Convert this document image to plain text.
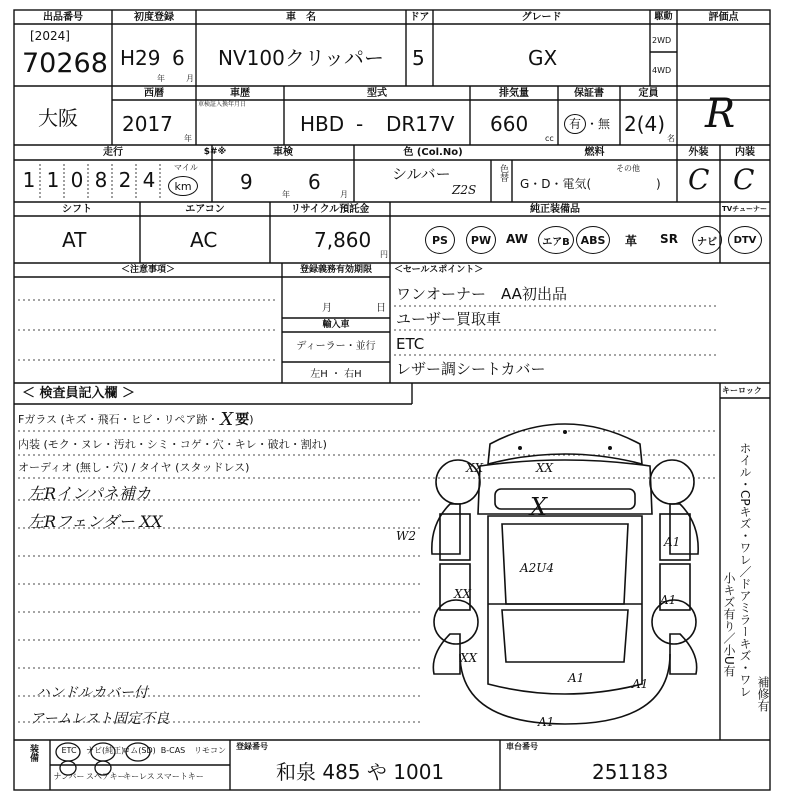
出品番号
[2024]
70268
初度登録
H29 6
年	月
車　名
NV100クリッパー
ドア
5
グレード
GX
駆動
2WD
4WD
評価点
R
大阪
西暦
2017
年
車歴
車検証入換年月日
型式
HBD - DR17V
排気量
660
cc
保証書
有 ・ 無
定員
2(4)
名
走行
1 1 0 8 2 4
マイル
km
$#※	車検
9
年
6
月
色 (Col.No)
シルバー
Z2S
色替
燃料
G・D・電気(
その他
)
外装
C
内装
C
シフト
AT
エアコン
AC
リサイクル預託金
7,860
円
純正装備品	TVチューナー
PS	PW	AW	エアB ABS	革	SR	ナビ	DTV
＜注意事項＞	登録義務有効期限
月	日
輸入車
ディーラー・並行
左H ・ 右H
＜セールスポイント＞
ワンオーナー　AA初出品
ユーザー買取車
ETC
レザー調シートカバー
＜ 検査員記入欄 ＞	キーロック
Fガラス (キズ・飛石・ヒビ・リペア跡・ X 要 )
内装 (モク・ヌレ・汚れ・シミ・コゲ・穴・キレ・破れ・割れ)
オーディオ (無し・穴) / タイヤ (スタッドレス)
左Rインパネ補カ
左Rフェンダー XX
ハンドルカバー付
アームレスト固定不良
ホイル・CPキズ・ワレ／ドアミラーキズ・ワレ
小キズ有り／小U有
補修有
X
XX	XX
W2	A1
A2U4
XX	A1
XX
A1	A1
A1
装備	ETC	ナビ(純正)
ロム(SD) B-CAS	リモコン
ナンバー スペアキー
キーレス スマートキー
登録番号
和泉 485 や 1001
車台番号
251183
